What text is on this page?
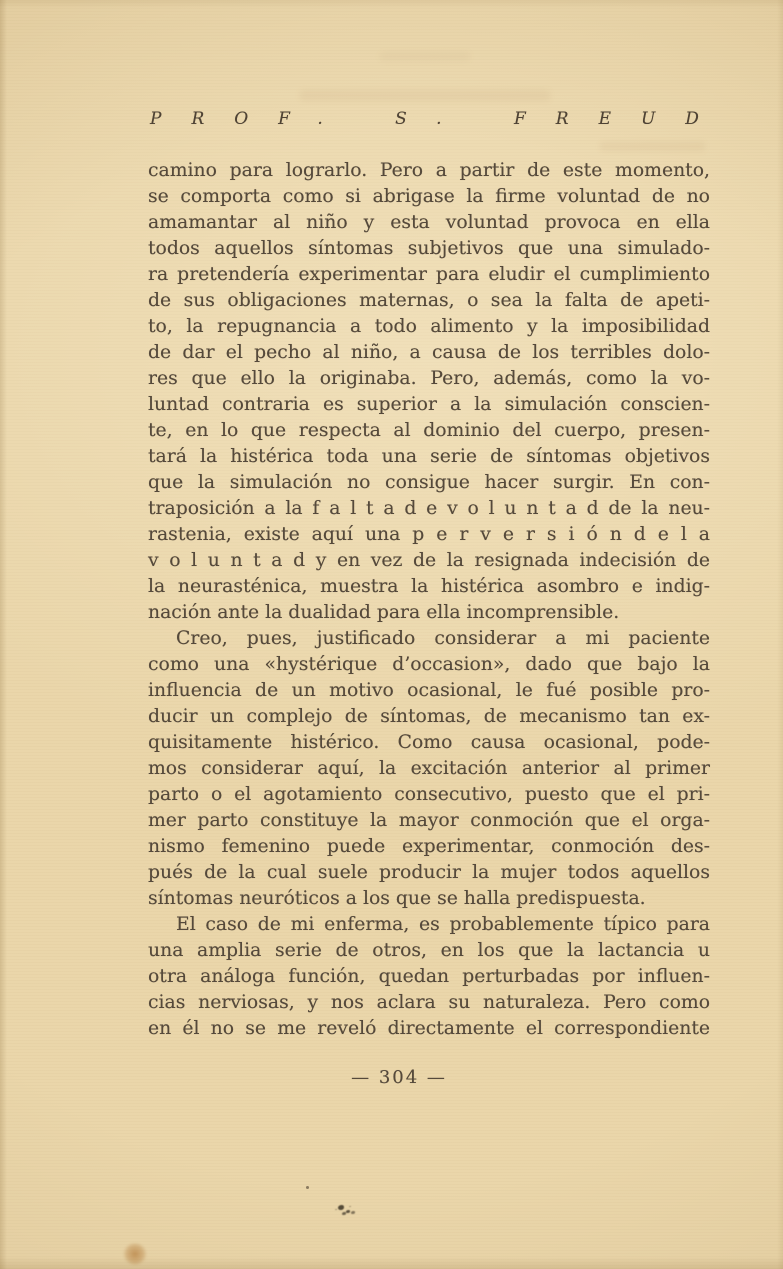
PROF. S. FREUD
camino para lograrlo. Pero a partir de este momento,
se comporta como si abrigase la firme voluntad de no
amamantar al niño y esta voluntad provoca en ella
todos aquellos síntomas subjetivos que una simulado-
ra pretendería experimentar para eludir el cumplimiento
de sus obligaciones maternas, o sea la falta de apeti-
to, la repugnancia a todo alimento y la imposibilidad
de dar el pecho al niño, a causa de los terribles dolo-
res que ello la originaba. Pero, además, como la vo-
luntad contraria es superior a la simulación conscien-
te, en lo que respecta al dominio del cuerpo, presen-
tará la histérica toda una serie de síntomas objetivos
que la simulación no consigue hacer surgir. En con-
traposición a la f a l t a d e v o l u n t a d de la neu-
rastenia, existe aquí una p e r v e r s i ó n d e l a
v o l u n t a d y en vez de la resignada indecisión de
la neurasténica, muestra la histérica asombro e indig-
nación ante la dualidad para ella incomprensible.
Creo, pues, justificado considerar a mi paciente
como una «hystérique d’occasion», dado que bajo la
influencia de un motivo ocasional, le fué posible pro-
ducir un complejo de síntomas, de mecanismo tan ex-
quisitamente histérico. Como causa ocasional, pode-
mos considerar aquí, la excitación anterior al primer
parto o el agotamiento consecutivo, puesto que el pri-
mer parto constituye la mayor conmoción que el orga-
nismo femenino puede experimentar, conmoción des-
pués de la cual suele producir la mujer todos aquellos
síntomas neuróticos a los que se halla predispuesta.
El caso de mi enferma, es probablemente típico para
una amplia serie de otros, en los que la lactancia u
otra análoga función, quedan perturbadas por influen-
cias nerviosas, y nos aclara su naturaleza. Pero como
en él no se me reveló directamente el correspondiente
— 304 —
